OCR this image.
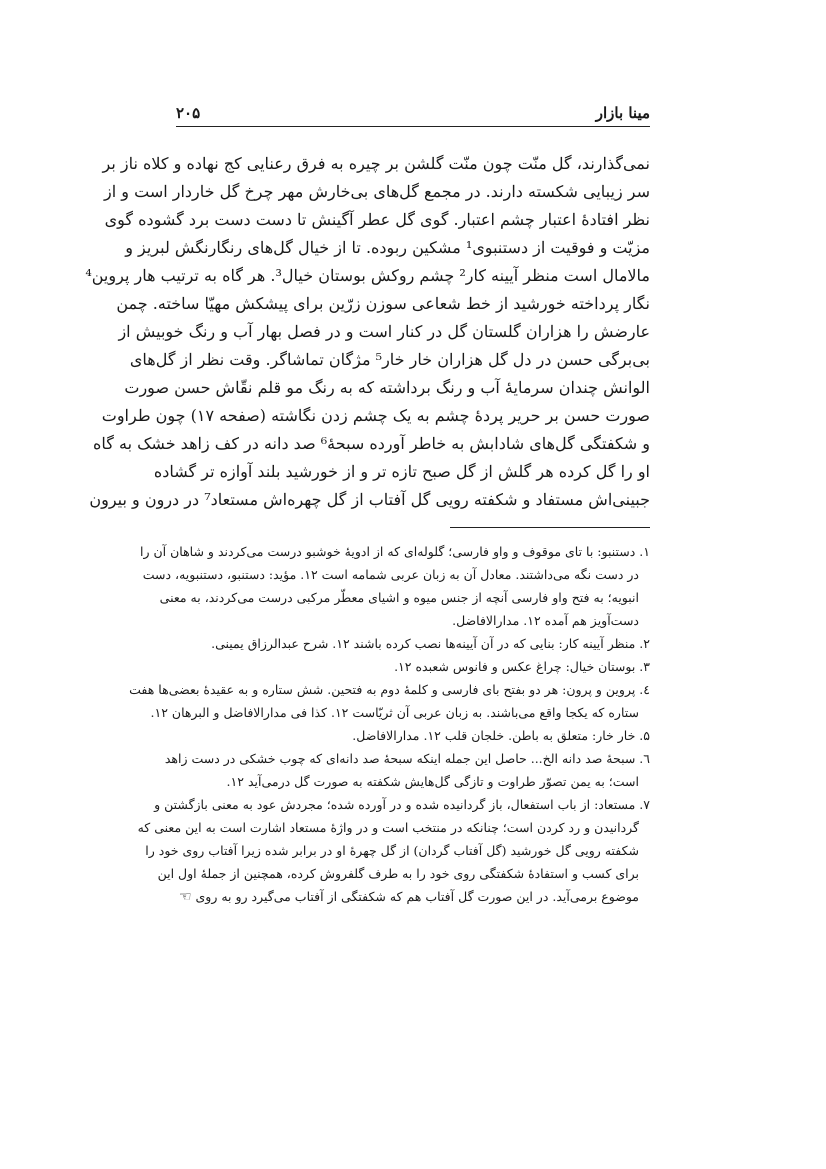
۲۰۵	مینا بازار
نمی‌گذارند، گل منّت چون منّت گلشن بر چیره به فرق رعنایی کج نهاده و کلاه ناز بر
سر زیبایی شکسته دارند. در مجمع گل‌های بی‌خارش مهر چرخ گل خاردار است و از
نظر افتادۀ اعتبار چشم اعتبار. گوی گل عطر آگینش تا دست دست برد گشوده گوی
مزیّت و فوقیت از دستنبوی¹ مشکین ربوده. تا از خیال گل‌های رنگارنگش لبریز و
مالامال است منظر آیینه کار² چشم روکش بوستان خیال³. هر گاه به ترتیب هار پروین⁴
نگار پرداخته خورشید از خط شعاعی سوزن زرّین برای پیشکش مهیّا ساخته. چمن
عارضش را هزاران گلستان گل در کنار است و در فصل بهار آب و رنگ خوبیش از
بی‌برگی حسن در دل گل هزاران خار خار⁵ مژگان تماشاگر. وقت نظر از گل‌های
الوانش چندان سرمایۀ آب و رنگ برداشته که به رنگ مو قلم نقّاش حسن صورت
صورت حسن بر حریر پردۀ چشم به یک چشم زدن نگاشته (صفحه ۱۷) چون طراوت
و شکفتگی گل‌های شادابش به خاطر آورده سبحۀ⁶ صد دانه در کف زاهد خشک به گاه
او را گل کرده هر گلش از گل صبح تازه تر و از خورشید بلند آوازه تر گشاده
جبینی‌اش مستفاد و شکفته رویی گل آفتاب از گل چهره‌اش مستعاد⁷ در درون و بیرون
۱. دستنبو: با تای موقوف و واو فارسی؛ گلوله‌ای که از ادویۀ خوشبو درست می‌کردند و شاهان آن را
در دست نگه می‌داشتند. معادل آن به زبان عربی شمامه است ۱۲. مؤید: دستنبو، دستنبویه، دست
انبویه؛ به فتح واو فارسی آنچه از جنس میوه و اشیای معطّر مرکبی درست می‌کردند، به معنی
دست‌آویز هم آمده ۱۲. مدارالافاضل.
۲. منظر آیینه کار: بنایی که در آن آیینه‌ها نصب کرده باشند ۱۲. شرح عبدالرزاق یمینی.
۳. بوستان خیال: چراغ عکس و فانوس شعبده ۱۲.
٤. پروین و پرون: هر دو بفتح بای فارسی و کلمۀ دوم به فتحین. شش ستاره و به عقیدۀ بعضی‌ها هفت
ستاره که یکجا واقع می‌باشند. به زبان عربی آن ثریّاست ۱۲. کذا فی مدارالافاضل و البرهان ۱۲.
۵. خار خار: متعلق به باطن. خلجان قلب ۱۲. مدارالافاضل.
٦. سبحۀ صد دانه الخ... حاصل این جمله اینکه سبحۀ صد دانه‌ای که چوب خشکی در دست زاهد
است؛ به یمن تصوّر طراوت و تازگی گل‌هایش شکفته به صورت گل درمی‌آید ۱۲.
۷. مستعاد: از باب استفعال، باز گردانیده شده و در آورده شده؛ مجردش عود به معنی بازگشتن و
گردانیدن و رد کردن است؛ چنانکه در منتخب است و در واژۀ مستعاد اشارت است به این معنی که
شکفته رویی گل خورشید (گل آفتاب گردان) از گل چهرۀ او در برابر شده زیرا آفتاب روی خود را
برای کسب و استفادۀ شکفتگی روی خود را به طرف گلفروش کرده، همچنین از جملۀ اول این
موضوع برمی‌آید. در این صورت گل آفتاب هم که شکفتگی از آفتاب می‌گیرد رو به روی ☜
